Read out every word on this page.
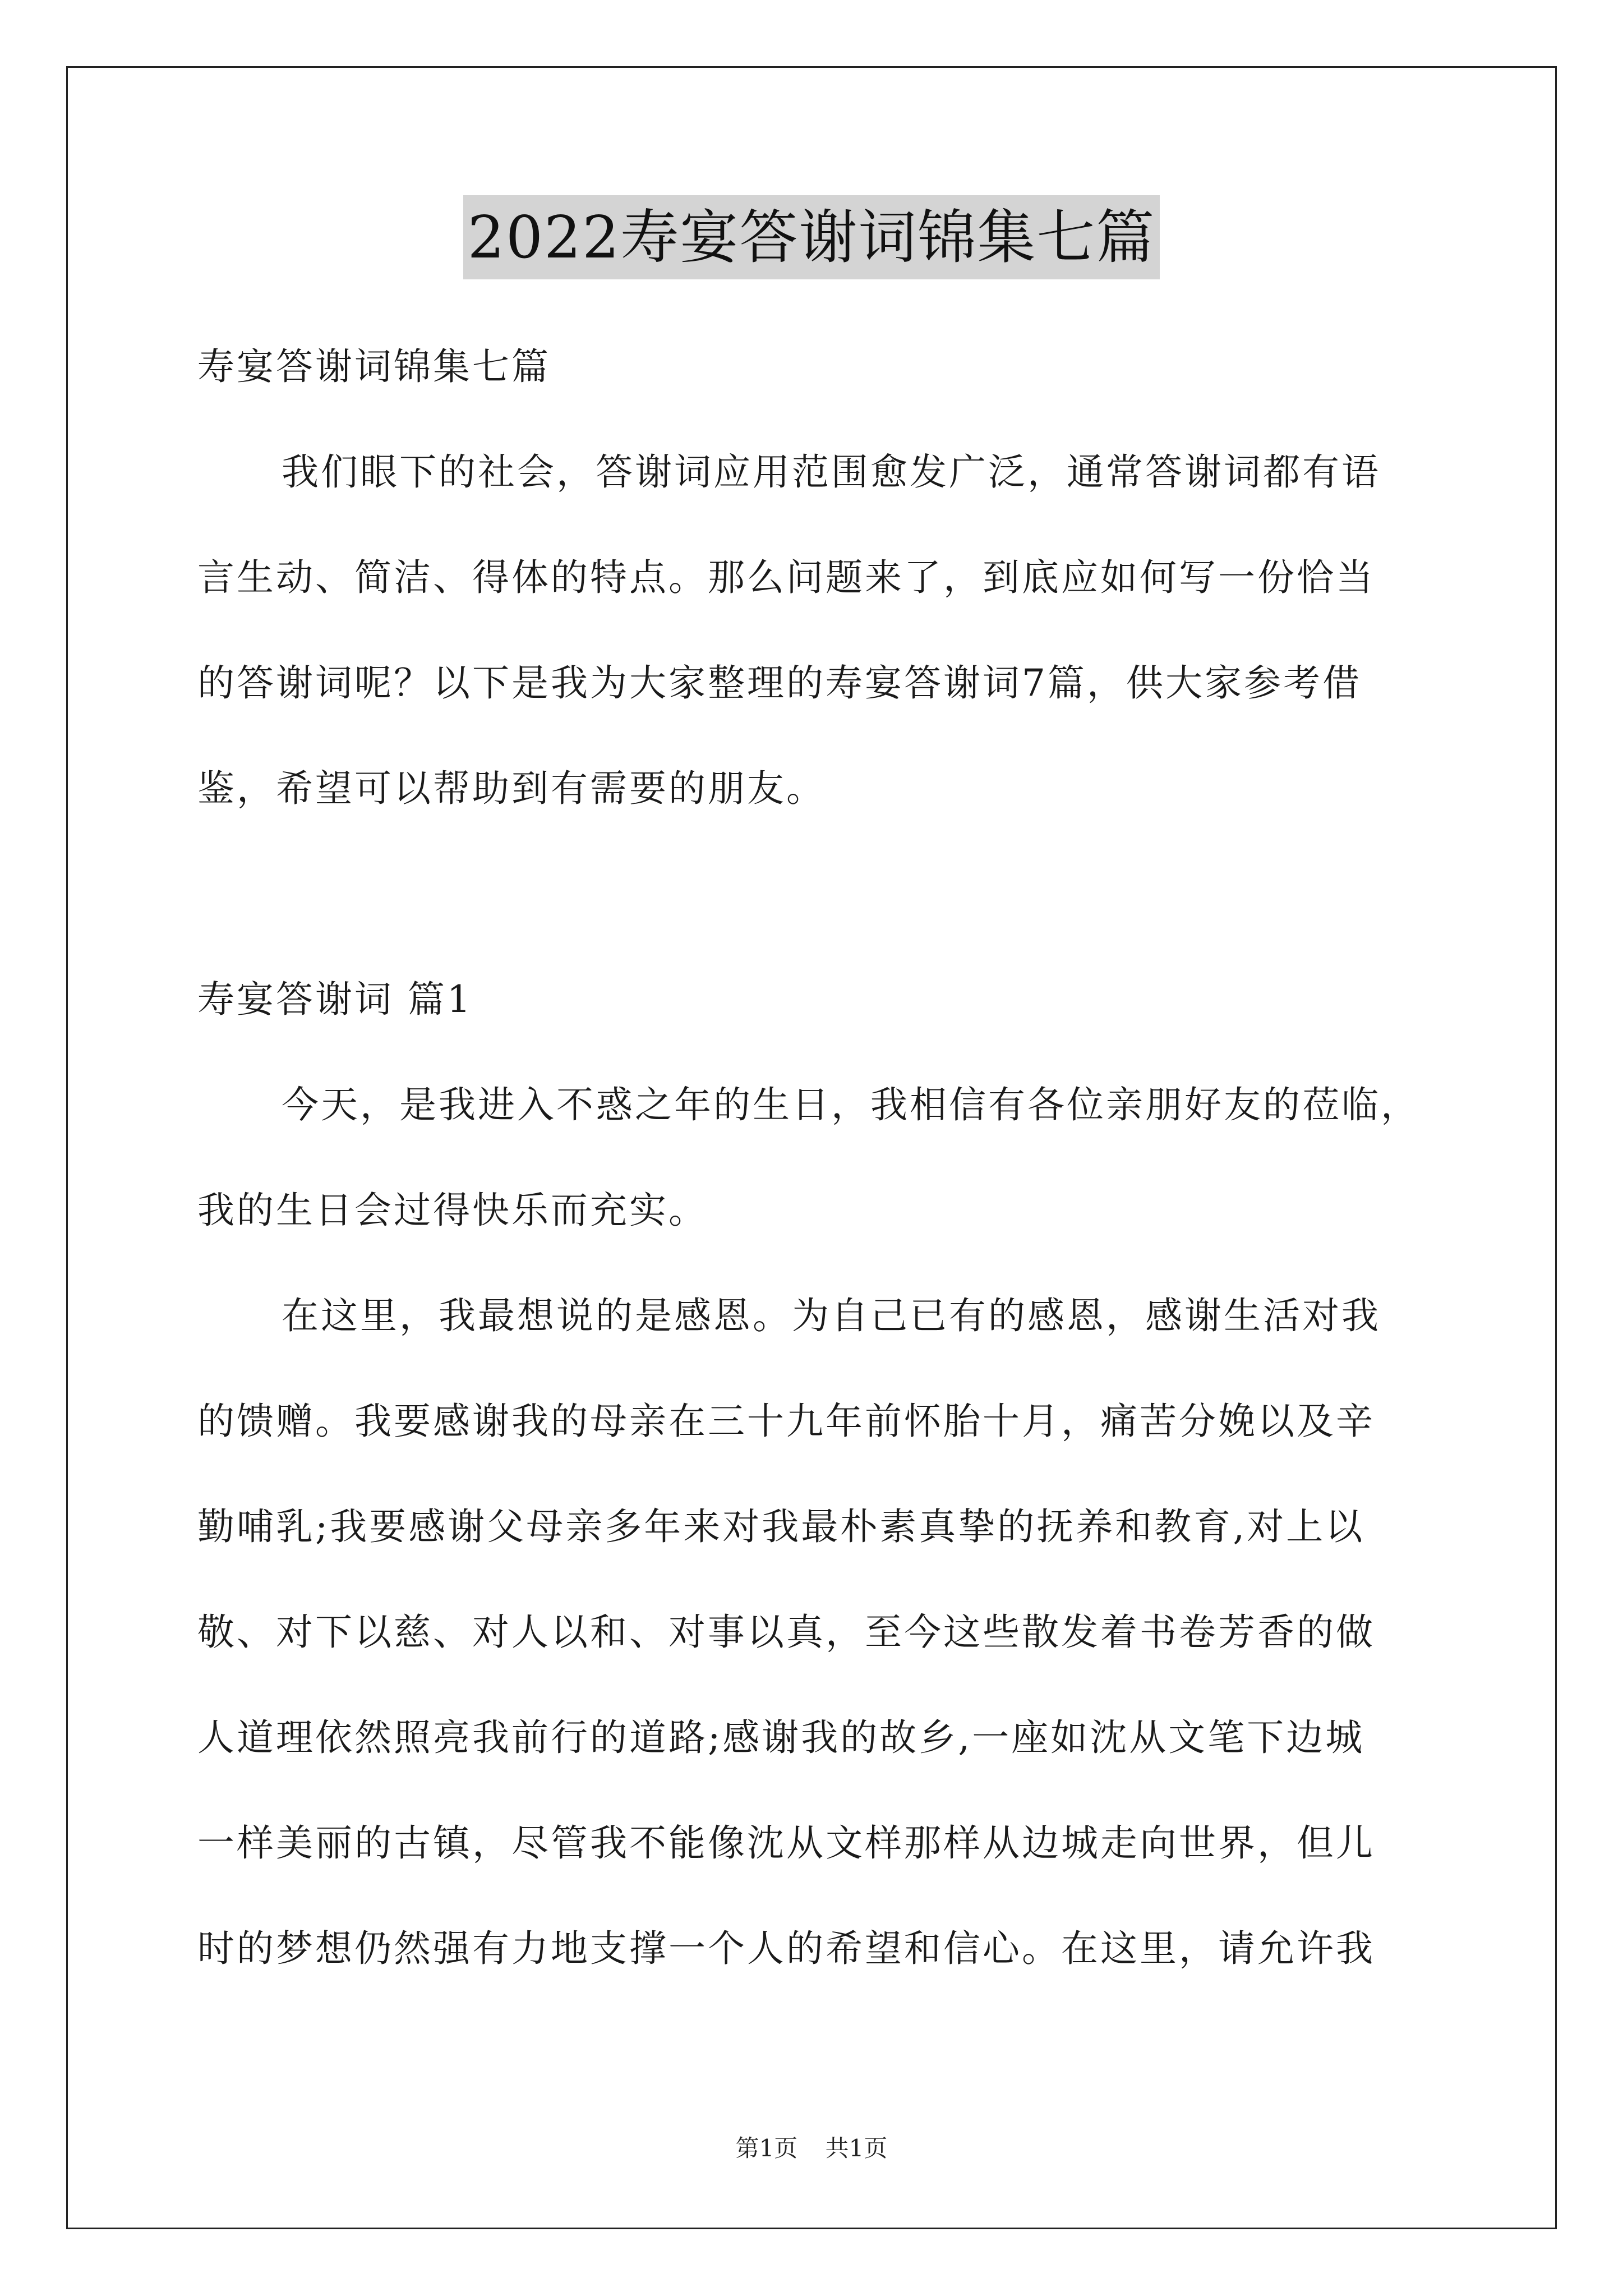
2022寿宴答谢词锦集七篇
寿宴答谢词锦集七篇
我们眼下的社会，答谢词应用范围愈发广泛，通常答谢词都有语
言生动、简洁、得体的特点。那么问题来了，到底应如何写一份恰当
的答谢词呢？以下是我为大家整理的寿宴答谢词7篇，供大家参考借
鉴，希望可以帮助到有需要的朋友。
寿宴答谢词 篇1
今天，是我进入不惑之年的生日，我相信有各位亲朋好友的莅临，
我的生日会过得快乐而充实。
在这里，我最想说的是感恩。为自己已有的感恩，感谢生活对我
的馈赠。我要感谢我的母亲在三十九年前怀胎十月，痛苦分娩以及辛
勤哺乳;我要感谢父母亲多年来对我最朴素真挚的抚养和教育,对上以
敬、对下以慈、对人以和、对事以真，至今这些散发着书卷芳香的做
人道理依然照亮我前行的道路;感谢我的故乡,一座如沈从文笔下边城
一样美丽的古镇，尽管我不能像沈从文样那样从边城走向世界，但儿
时的梦想仍然强有力地支撑一个人的希望和信心。在这里，请允许我
第1页 共1页
